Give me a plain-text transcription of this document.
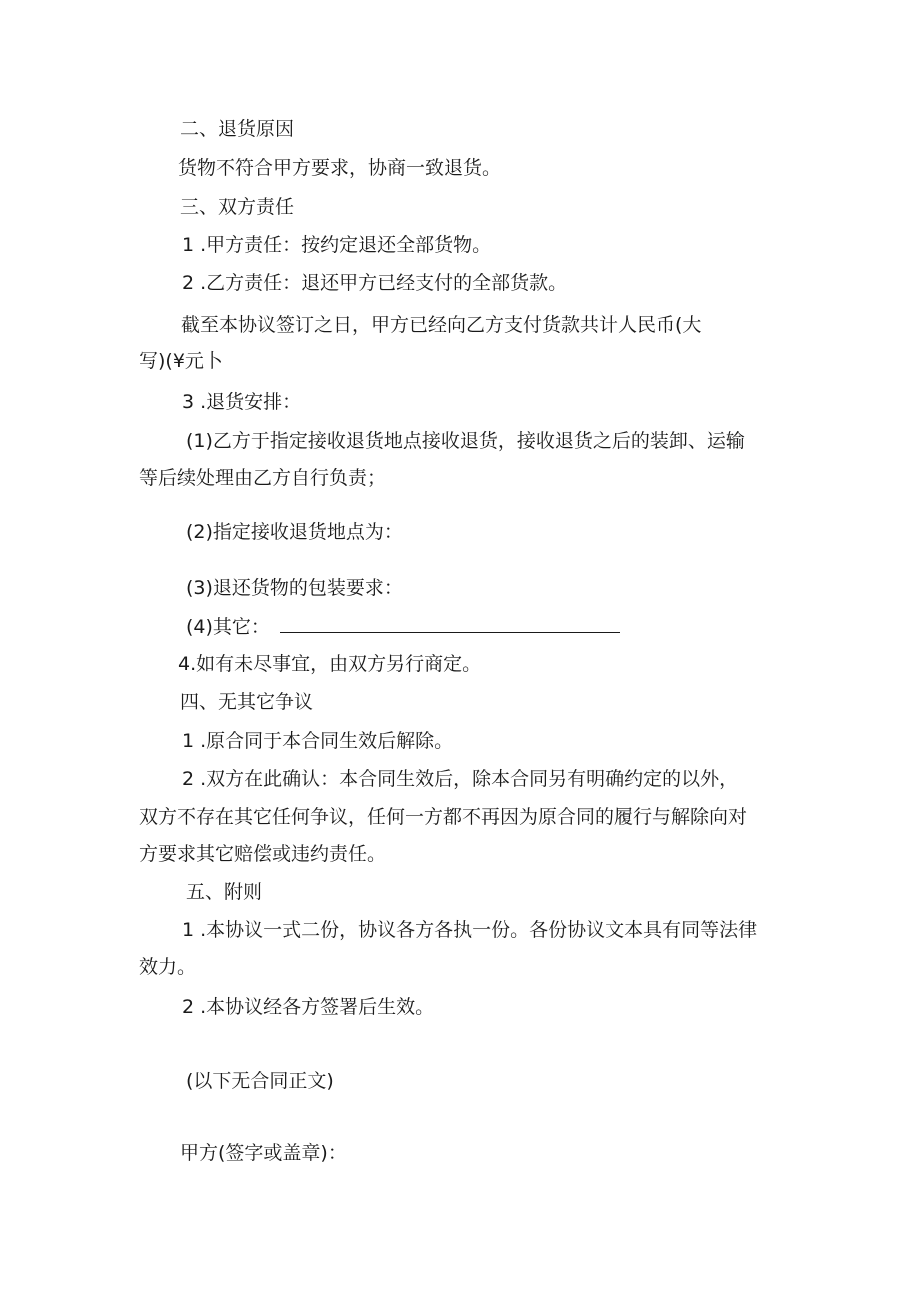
二、退货原因

货物不符合甲方要求，协商一致退货。

三、双方责任

1 .甲方责任：按约定退还全部货物。

2 .乙方责任：退还甲方已经支付的全部货款。

截至本协议签订之日，甲方已经向乙方支付货款共计人民币(大

写)(¥元卜

3 .退货安排：

(1)乙方于指定接收退货地点接收退货，接收退货之后的装卸、运输

等后续处理由乙方自行负责；

(2)指定接收退货地点为：

(3)退还货物的包装要求：

(4)其它：

4.如有未尽事宜，由双方另行商定。

四、无其它争议

1 .原合同于本合同生效后解除。

2 .双方在此确认：本合同生效后，除本合同另有明确约定的以外，

双方不存在其它任何争议，任何一方都不再因为原合同的履行与解除向对

方要求其它赔偿或违约责任。

五、附则

1 .本协议一式二份，协议各方各执一份。各份协议文本具有同等法律

效力。

2 .本协议经各方签署后生效。

(以下无合同正文)

甲方(签字或盖章)：
